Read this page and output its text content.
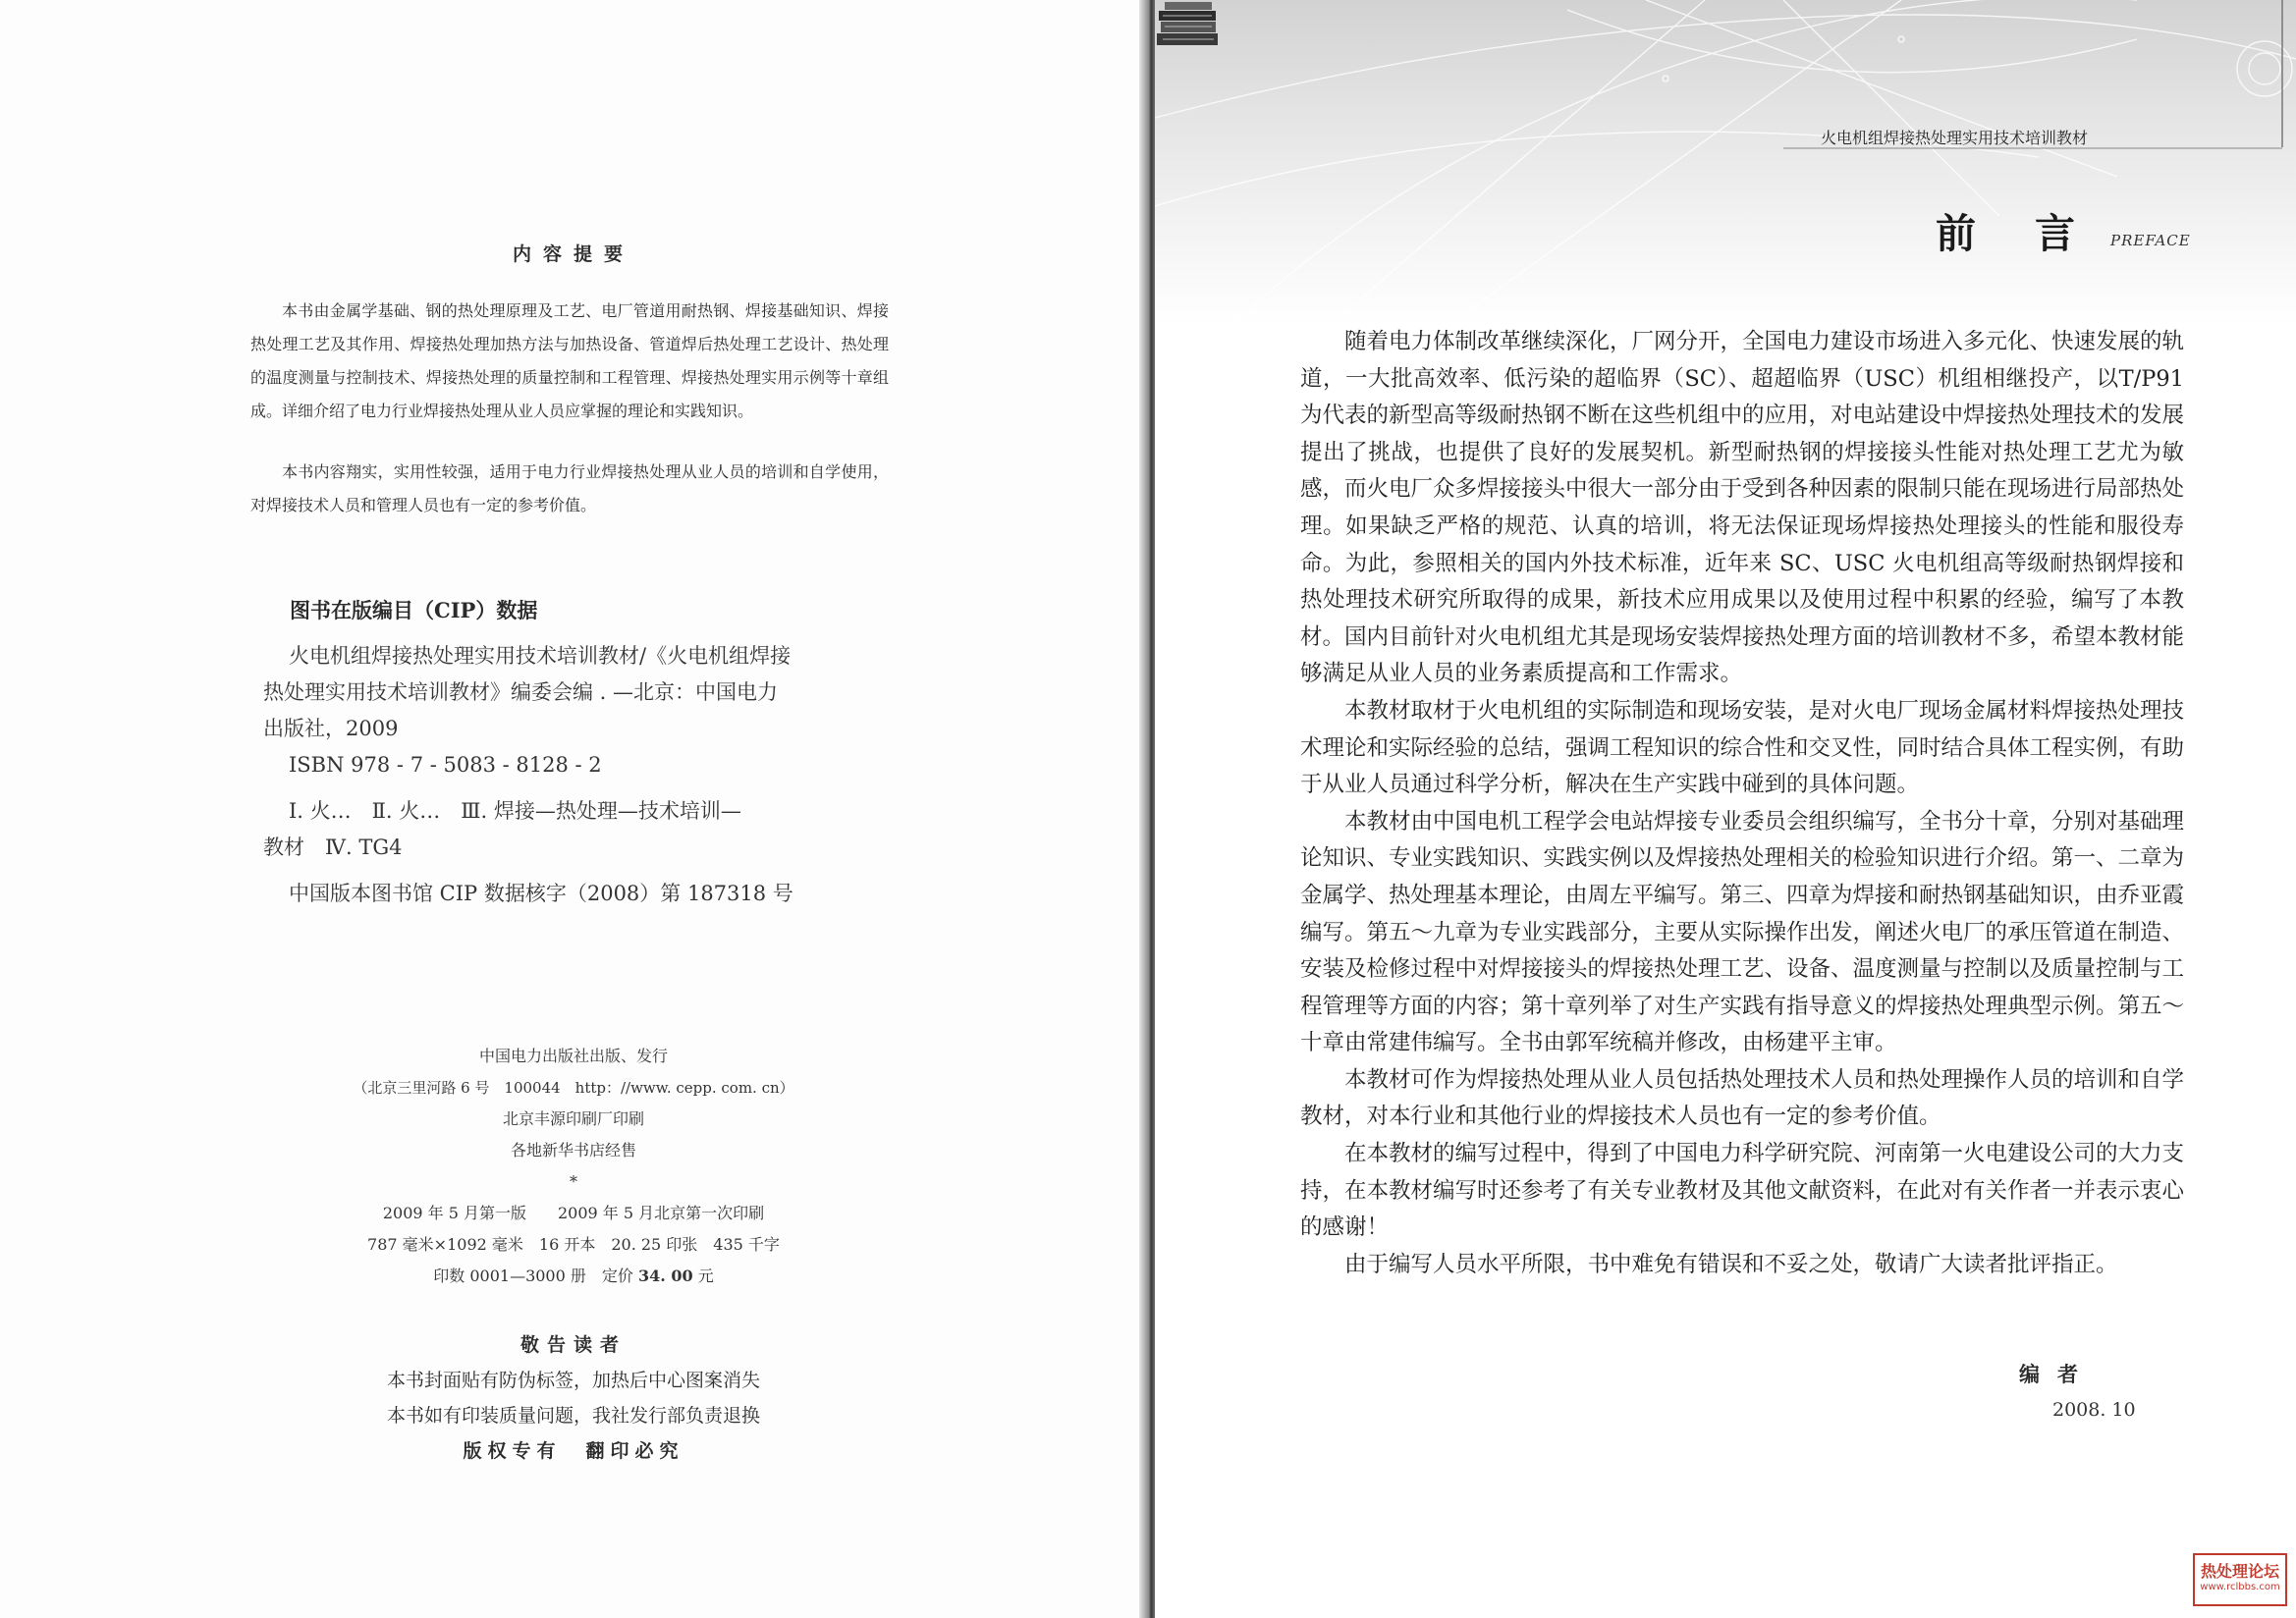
内容提要

本书由金属学基础、钢的热处理原理及工艺、电厂管道用耐热钢、焊接基础知识、焊接热处理工艺及其作用、焊接热处理加热方法与加热设备、管道焊后热处理工艺设计、热处理的温度测量与控制技术、焊接热处理的质量控制和工程管理、焊接热处理实用示例等十章组成。详细介绍了电力行业焊接热处理从业人员应掌握的理论和实践知识。

本书内容翔实，实用性较强，适用于电力行业焊接热处理从业人员的培训和自学使用，对焊接技术人员和管理人员也有一定的参考价值。

图书在版编目（CIP）数据
火电机组焊接热处理实用技术培训教材/《火电机组焊接
热处理实用技术培训教材》编委会编 . —北京：中国电力
出版社，2009
ISBN 978 - 7 - 5083 - 8128 - 2
Ⅰ. 火…　Ⅱ. 火…　Ⅲ. 焊接—热处理—技术培训—
教材　Ⅳ. TG4
中国版本图书馆 CIP 数据核字（2008）第 187318 号
中国电力出版社出版、发行
（北京三里河路 6 号　100044　http：//www. cepp. com. cn）
北京丰源印刷厂印刷
各地新华书店经售
*
2009 年 5 月第一版　　2009 年 5 月北京第一次印刷
787 毫米×1092 毫米　16 开本　20. 25 印张　435 千字
印数 0001—3000 册　定价 34. 00 元
敬告读者
本书封面贴有防伪标签，加热后中心图案消失
本书如有印装质量问题，我社发行部负责退换
版权专有　翻印必究
火电机组焊接热处理实用技术培训教材
前言
PREFACE

随着电力体制改革继续深化，厂网分开，全国电力建设市场进入多元化、快速发展的轨道，一大批高效率、低污染的超临界（SC）、超超临界（USC）机组相继投产，以T/P91 为代表的新型高等级耐热钢不断在这些机组中的应用，对电站建设中焊接热处理技术的发展提出了挑战，也提供了良好的发展契机。新型耐热钢的焊接接头性能对热处理工艺尤为敏感，而火电厂众多焊接接头中很大一部分由于受到各种因素的限制只能在现场进行局部热处理。如果缺乏严格的规范、认真的培训，将无法保证现场焊接热处理接头的性能和服役寿命。为此，参照相关的国内外技术标准，近年来 SC、USC 火电机组高等级耐热钢焊接和热处理技术研究所取得的成果，新技术应用成果以及使用过程中积累的经验，编写了本教材。国内目前针对火电机组尤其是现场安装焊接热处理方面的培训教材不多，希望本教材能够满足从业人员的业务素质提高和工作需求。

本教材取材于火电机组的实际制造和现场安装，是对火电厂现场金属材料焊接热处理技术理论和实际经验的总结，强调工程知识的综合性和交叉性，同时结合具体工程实例，有助于从业人员通过科学分析，解决在生产实践中碰到的具体问题。

本教材由中国电机工程学会电站焊接专业委员会组织编写，全书分十章，分别对基础理论知识、专业实践知识、实践实例以及焊接热处理相关的检验知识进行介绍。第一、二章为金属学、热处理基本理论，由周左平编写。第三、四章为焊接和耐热钢基础知识，由乔亚霞编写。第五～九章为专业实践部分，主要从实际操作出发，阐述火电厂的承压管道在制造、安装及检修过程中对焊接接头的焊接热处理工艺、设备、温度测量与控制以及质量控制与工程管理等方面的内容；第十章列举了对生产实践有指导意义的焊接热处理典型示例。第五～十章由常建伟编写。全书由郭军统稿并修改，由杨建平主审。

本教材可作为焊接热处理从业人员包括热处理技术人员和热处理操作人员的培训和自学教材，对本行业和其他行业的焊接技术人员也有一定的参考价值。

在本教材的编写过程中，得到了中国电力科学研究院、河南第一火电建设公司的大力支持，在本教材编写时还参考了有关专业教材及其他文献资料，在此对有关作者一并表示衷心的感谢！

由于编写人员水平所限，书中难免有错误和不妥之处，敬请广大读者批评指正。

编者
2008. 10
热处理论坛
www.rclbbs.com
